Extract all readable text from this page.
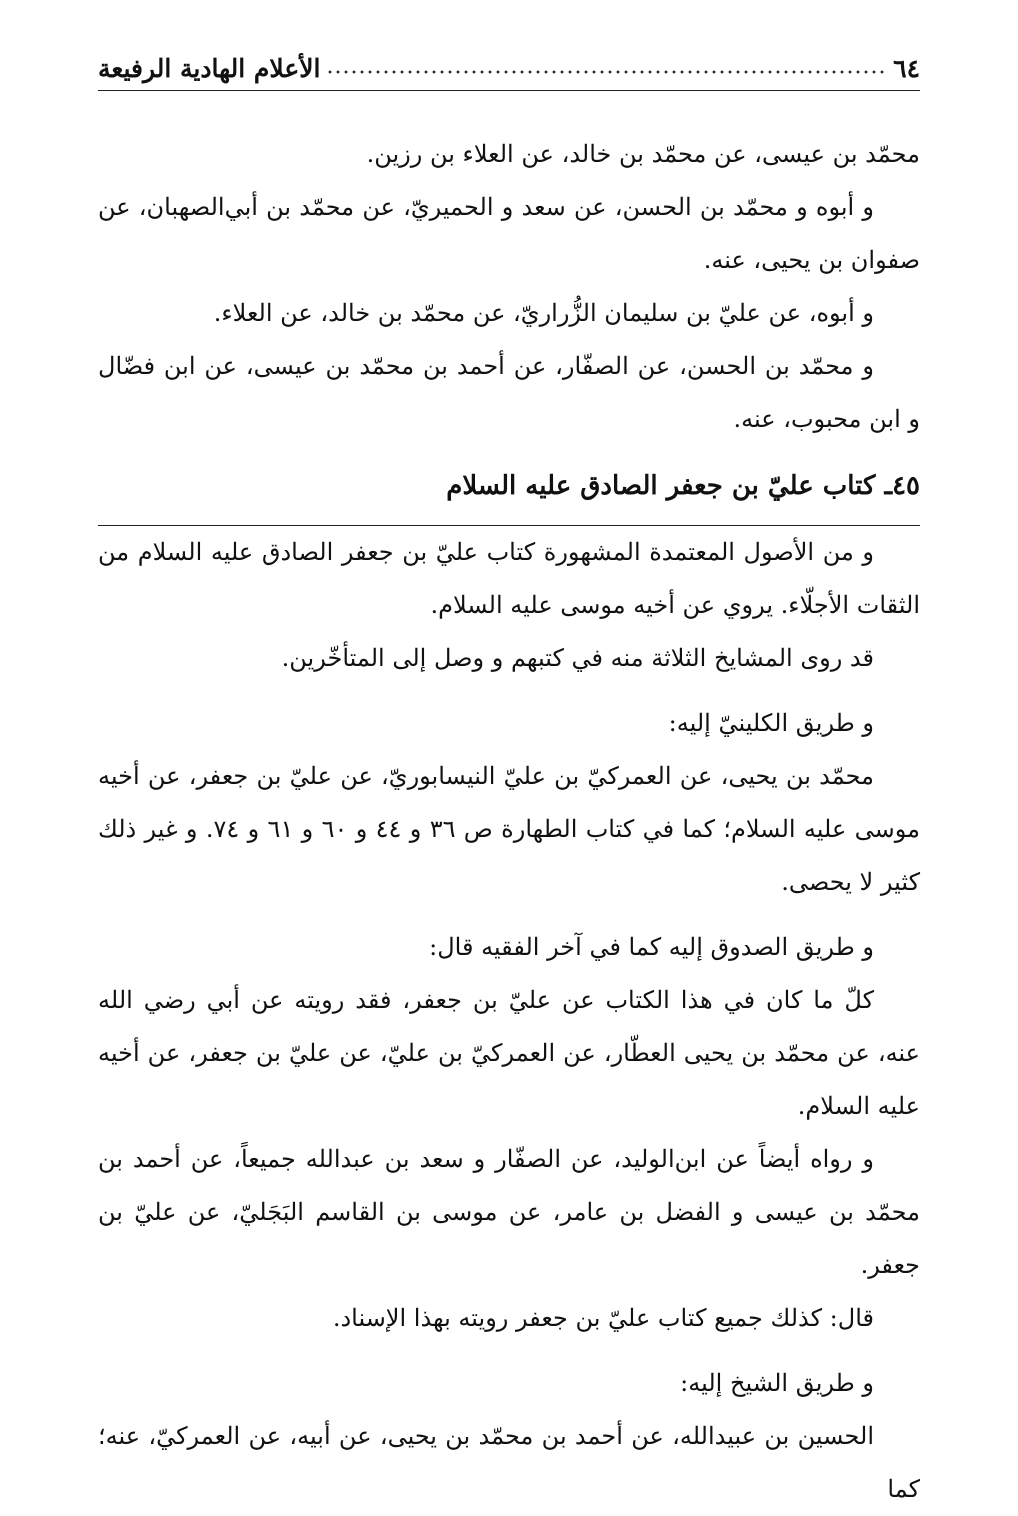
٦٤
الأعلام الهادية الرفيعة

محمّد بن عيسى، عن محمّد بن خالد، عن العلاء بن رزين.

و أبوه و محمّد بن الحسن، عن سعد و الحميريّ، عن محمّد بن أبي‌الصهبان، عن صفوان بن يحيى، عنه.

و أبوه، عن عليّ بن سليمان الزُّراريّ، عن محمّد بن خالد، عن العلاء.

و محمّد بن الحسن، عن الصفّار، عن أحمد بن محمّد بن عيسى، عن ابن فضّال و ابن محبوب، عنه.

٤٥ـ كتاب عليّ بن جعفر الصادق عليه السلام

و من الأصول المعتمدة المشهورة كتاب عليّ بن جعفر الصادق عليه السلام من الثقات الأجلّاء. يروي عن أخيه موسى عليه السلام.

قد روى المشايخ الثلاثة منه في كتبهم و وصل إلى المتأخّرين.

و طريق الكلينيّ إليه:

محمّد بن يحيى، عن العمركيّ بن عليّ النيسابوريّ، عن عليّ بن جعفر، عن أخيه موسى عليه السلام؛ كما في كتاب الطهارة ص ٣٦ و ٤٤ و ٦٠ و ٦١ و ٧٤. و غير ذلك كثير لا يحصى.

و طريق الصدوق إليه كما في آخر الفقيه قال:

كلّ ما كان في هذا الكتاب عن عليّ بن جعفر، فقد رويته عن أبي رضي الله عنه، عن محمّد بن يحيى العطّار، عن العمركيّ بن عليّ، عن عليّ بن جعفر، عن أخيه عليه السلام.

و رواه أيضاً عن ابن‌الوليد، عن الصفّار و سعد بن عبدالله جميعاً، عن أحمد بن محمّد بن عيسى و الفضل بن عامر، عن موسى بن القاسم البَجَليّ، عن عليّ بن جعفر.

قال: كذلك جميع كتاب عليّ بن جعفر رويته بهذا الإسناد.

و طريق الشيخ إليه:

الحسين بن عبيدالله، عن أحمد بن محمّد بن يحيى، عن أبيه، عن العمركيّ، عنه؛ كما
